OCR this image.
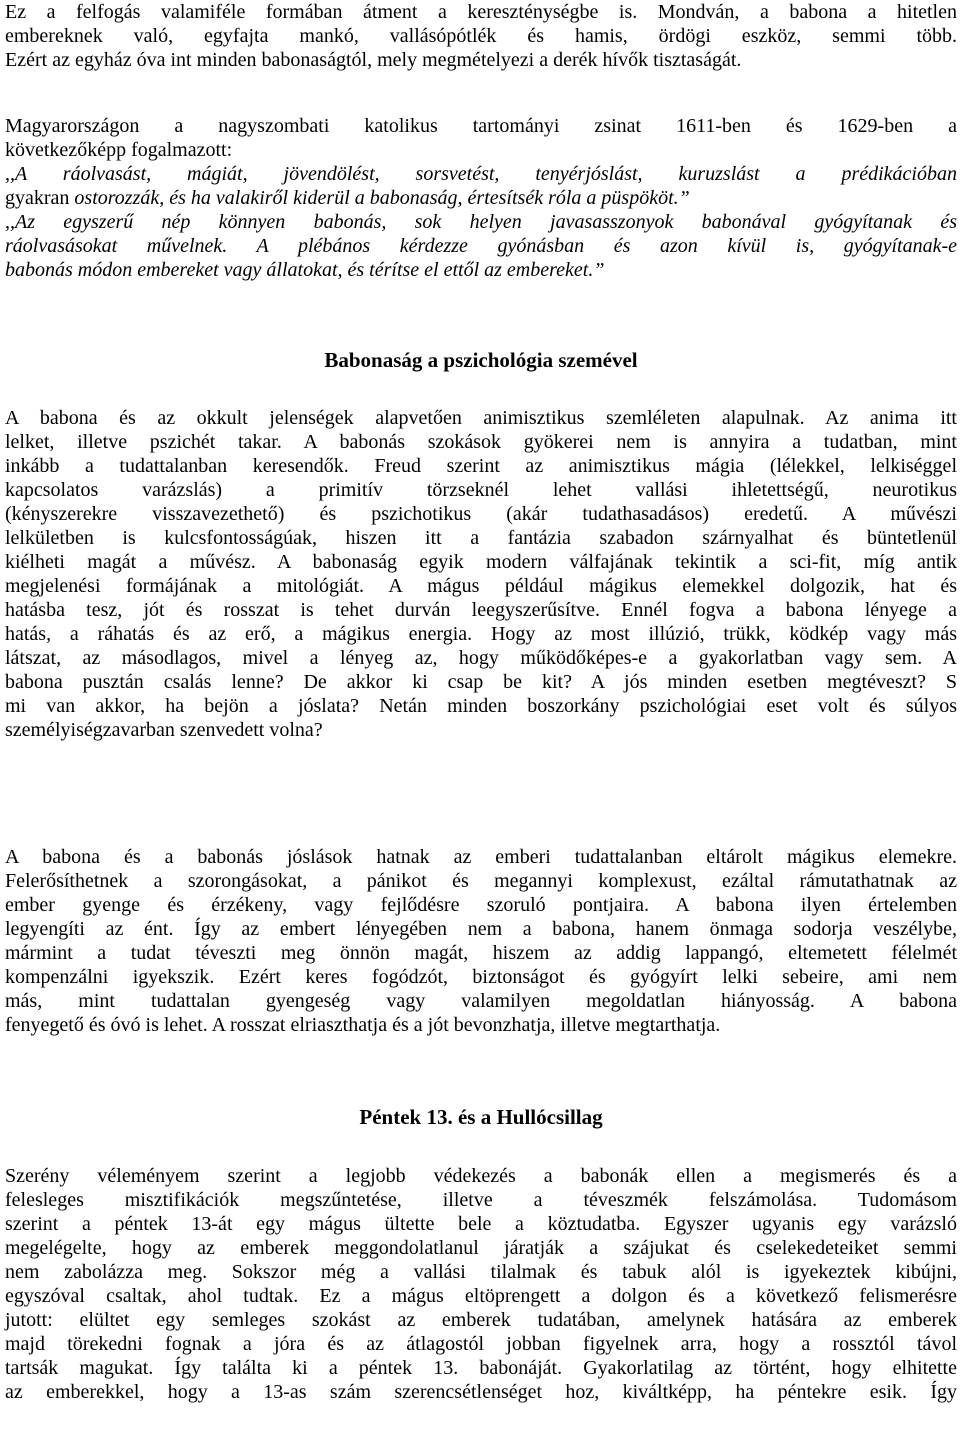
Ez a felfogás valamiféle formában átment a kereszténységbe is. Mondván, a babona a hitetlen
embereknek való, egyfajta mankó, vallásópótlék és hamis, ördögi eszköz, semmi több.
Ezért az egyház óva int minden babonaságtól, mely megmételyezi a derék hívők tisztaságát.
Magyarországon a nagyszombati katolikus tartományi zsinat 1611-ben és 1629-ben a
következőképp fogalmazott:
,,A ráolvasást, mágiát, jövendölést, sorsvetést, tenyérjóslást, kuruzslást a prédikációban
gyakran ostorozzák, és ha valakiről kiderül a babonaság, értesítsék róla a püspököt.”
,,Az egyszerű nép könnyen babonás, sok helyen javasasszonyok babonával gyógyítanak és
ráolvasásokat művelnek. A plébános kérdezze gyónásban és azon kívül is, gyógyítanak-e
babonás módon embereket vagy állatokat, és térítse el ettől az embereket.”
Babonaság a pszichológia szemével
A babona és az okkult jelenségek alapvetően animisztikus szemléleten alapulnak. Az anima itt
lelket, illetve pszichét takar. A babonás szokások gyökerei nem is annyira a tudatban, mint
inkább a tudattalanban keresendők. Freud szerint az animisztikus mágia (lélekkel, lelkiséggel
kapcsolatos varázslás) a primitív törzseknél lehet vallási ihletettségű, neurotikus
(kényszerekre visszavezethető) és pszichotikus (akár tudathasadásos) eredetű. A művészi
lelkületben is kulcsfontosságúak, hiszen itt a fantázia szabadon szárnyalhat és büntetlenül
kiélheti magát a művész. A babonaság egyik modern válfajának tekintik a sci-fit, míg antik
megjelenési formájának a mitológiát. A mágus például mágikus elemekkel dolgozik, hat és
hatásba tesz, jót és rosszat is tehet durván leegyszerűsítve. Ennél fogva a babona lényege a
hatás, a ráhatás és az erő, a mágikus energia. Hogy az most illúzió, trükk, ködkép vagy más
látszat, az másodlagos, mivel a lényeg az, hogy működőképes-e a gyakorlatban vagy sem. A
babona pusztán csalás lenne? De akkor ki csap be kit? A jós minden esetben megtéveszt? S
mi van akkor, ha bejön a jóslata? Netán minden boszorkány pszichológiai eset volt és súlyos
személyiségzavarban szenvedett volna?
A babona és a babonás jóslások hatnak az emberi tudattalanban eltárolt mágikus elemekre.
Felerősíthetnek a szorongásokat, a pánikot és megannyi komplexust, ezáltal rámutathatnak az
ember gyenge és érzékeny, vagy fejlődésre szoruló pontjaira. A babona ilyen értelemben
legyengíti az ént. Így az embert lényegében nem a babona, hanem önmaga sodorja veszélybe,
mármint a tudat téveszti meg önnön magát, hiszem az addig lappangó, eltemetett félelmét
kompenzálni igyekszik. Ezért keres fogódzót, biztonságot és gyógyírt lelki sebeire, ami nem
más, mint tudattalan gyengeség vagy valamilyen megoldatlan hiányosság. A babona
fenyegető és óvó is lehet. A rosszat elriaszthatja és a jót bevonzhatja, illetve megtarthatja.
Péntek 13. és a Hullócsillag
Szerény véleményem szerint a legjobb védekezés a babonák ellen a megismerés és a
felesleges misztifikációk megszűntetése, illetve a téveszmék felszámolása. Tudomásom
szerint a péntek 13-át egy mágus ültette bele a köztudatba. Egyszer ugyanis egy varázsló
megelégelte, hogy az emberek meggondolatlanul járatják a szájukat és cselekedeteiket semmi
nem zabolázza meg. Sokszor még a vallási tilalmak és tabuk alól is igyekeztek kibújni,
egyszóval csaltak, ahol tudtak. Ez a mágus eltöprengett a dolgon és a következő felismerésre
jutott: elültet egy semleges szokást az emberek tudatában, amelynek hatására az emberek
majd törekedni fognak a jóra és az átlagostól jobban figyelnek arra, hogy a rossztól távol
tartsák magukat. Így találta ki a péntek 13. babonáját. Gyakorlatilag az történt, hogy elhitette
az emberekkel, hogy a 13-as szám szerencsétlenséget hoz, kiváltképp, ha péntekre esik. Így
